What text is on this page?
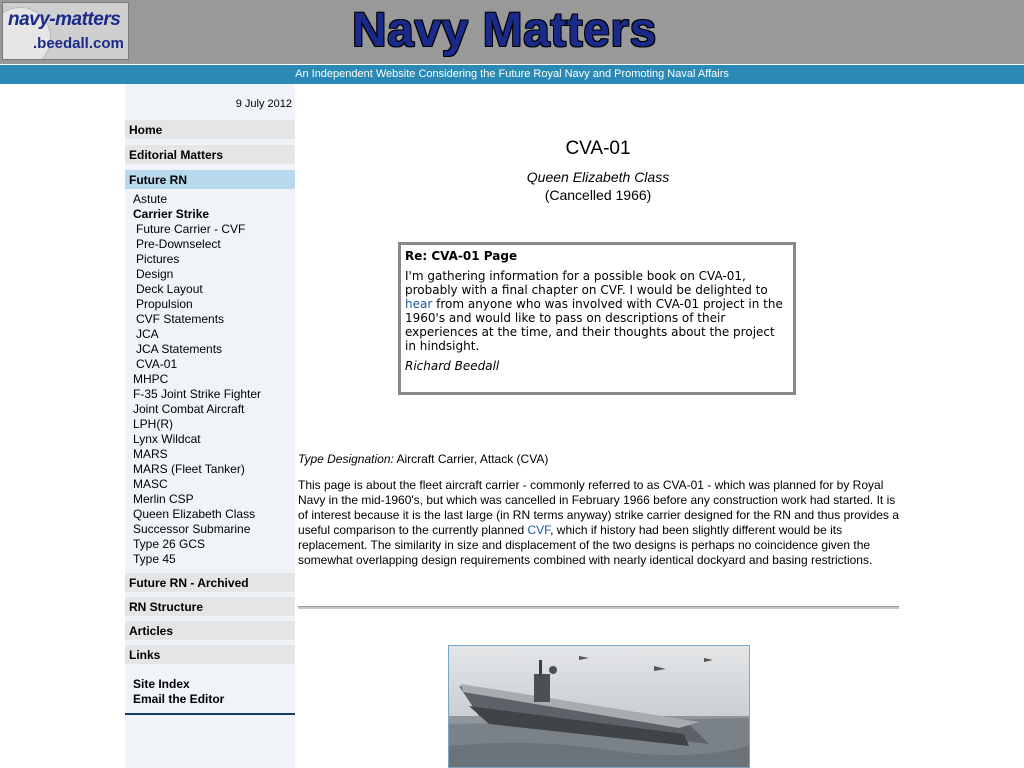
navy-matters
.beedall.com	Navy Matters
An Independent Website Considering the Future Royal Navy and Promoting Naval Affairs
9 July 2012
Home
Editorial Matters
Future RN
Astute
Carrier Strike
Future Carrier - CVF
Pre-Downselect
Pictures
Design
Deck Layout
Propulsion
CVF Statements
JCA
JCA Statements
CVA-01
MHPC
F-35 Joint Strike Fighter
Joint Combat Aircraft
LPH(R)
Lynx Wildcat
MARS
MARS (Fleet Tanker)
MASC
Merlin CSP
Queen Elizabeth Class
Successor Submarine
Type 26 GCS
Type 45
Future RN - Archived
RN Structure
Articles
Links
Site Index
Email the Editor
CVA-01
Queen Elizabeth Class
(Cancelled 1966)
Re: CVA-01 Page
I'm gathering information for a possible book on CVA-01, probably with a final chapter on CVF. I would be delighted to hear from anyone who was involved with CVA-01 project in the 1960's and would like to pass on descriptions of their experiences at the time, and their thoughts about the project in hindsight.
Richard Beedall
Type Designation: Aircraft Carrier, Attack (CVA)
This page is about the fleet aircraft carrier - commonly referred to as CVA-01 - which was planned for by Royal Navy in the mid-1960's, but which was cancelled in February 1966 before any construction work had started. It is of interest because it is the last large (in RN terms anyway) strike carrier designed for the RN and thus provides a useful comparison to the currently planned CVF, which if history had been slightly different would be its replacement. The similarity in size and displacement of the two designs is perhaps no coincidence given the somewhat overlapping design requirements combined with nearly identical dockyard and basing restrictions.
